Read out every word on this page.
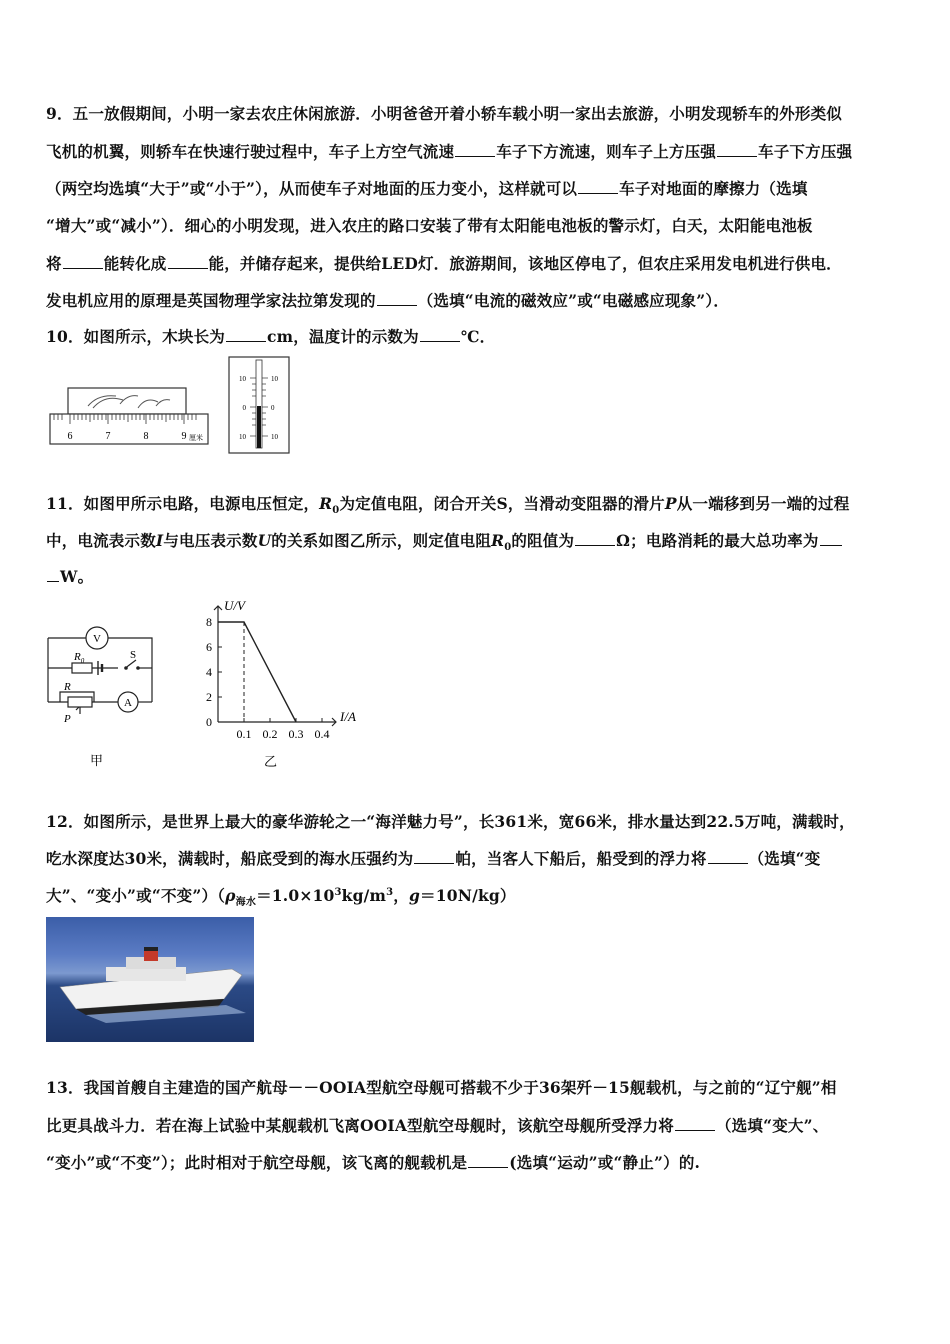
9．五一放假期间，小明一家去农庄休闲旅游．小明爸爸开着小轿车载小明一家出去旅游，小明发现轿车的外形类似
飞机的机翼，则轿车在快速行驶过程中，车子上方空气流速	车子下方流速，则车子上方压强	车子下方压强
（两空均选填“大于”或“小于”），从而使车子对地面的压力变小，这样就可以	车子对地面的摩擦力（选填
“增大”或“减小”）．细心的小明发现，进入农庄的路口安装了带有太阳能电池板的警示灯，白天，太阳能电池板
将	能转化成	能，并储存起来，提供给LED灯．旅游期间，该地区停电了，但农庄采用发电机进行供电．
发电机应用的原理是英国物理学家法拉第发现的	（选填“电流的磁效应”或“电磁感应现象”）．
10．如图所示，木块长为	cm，温度计的示数为	℃．
6	7	8	9 厘米
10
0
10
10
0
10
11．如图甲所示电路，电源电压恒定，$R_0$为定值电阻，闭合开关S，当滑动变阻器的滑片P从一端移到另一端的过程
中，电流表示数I与电压表示数U的关系如图乙所示，则定值电阻$R_0$的阻值为	Ω；电路消耗的最大总功率为
W。
V
A
$R_0$	S
R
P
甲
8
6
4
2
0
0.1 0.2 0.3 0.4
U/V
I/A
乙
12．如图所示，是世界上最大的豪华游轮之一“海洋魅力号”，长361米，宽66米，排水量达到22.5万吨，满载时，
吃水深度达30米，满载时，船底受到的海水压强约为	帕，当客人下船后，船受到的浮力将	（选填“变
大”、“变小”或“不变$”)(\rho_{海水}=1.0\times 10^3kg/m^3$，g＝10N/kg）
13．我国首艘自主建造的国产航母－－OOIA型航空母舰可搭载不少于36架歼－15舰载机，与之前的“辽宁舰”相
比更具战斗力．若在海上试验中某舰载机飞离OOIA型航空母舰时，该航空母舰所受浮力将	（选填“变大”、
“变小”或“不变”）；此时相对于航空母舰，该飞离的舰载机是	(选填“运动”或“静止”）的.
